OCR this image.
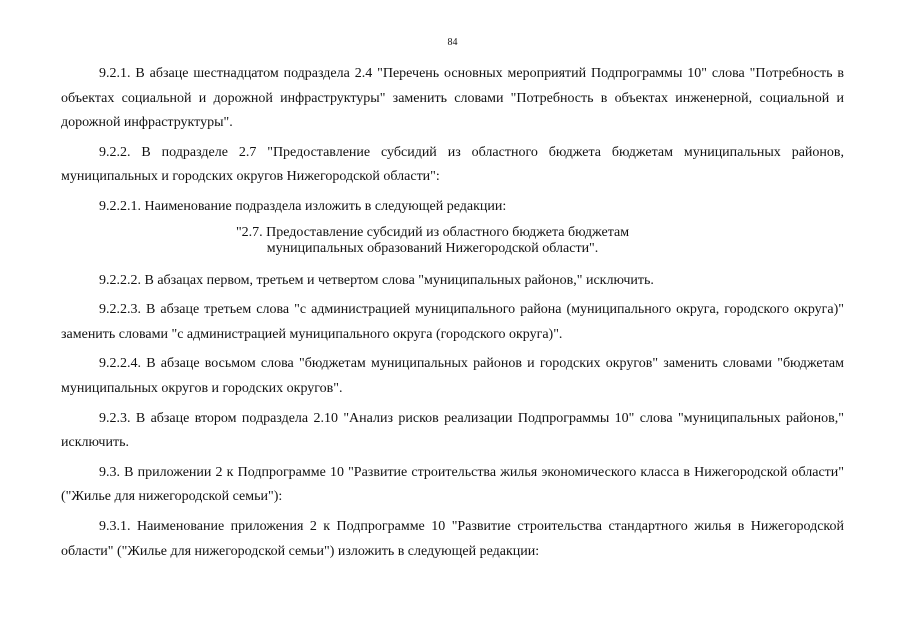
84

9.2.1. В абзаце шестнадцатом подраздела 2.4 "Перечень основных мероприятий Подпрограммы 10" слова "Потребность в объектах социальной и дорожной инфраструктуры" заменить словами "Потребность в объектах инженерной, социальной и дорожной инфраструктуры".

9.2.2. В подразделе 2.7 "Предоставление субсидий из областного бюджета бюджетам муниципальных районов, муниципальных и городских округов Нижегородской области":

9.2.2.1. Наименование подраздела изложить в следующей редакции:

"2.7. Предоставление субсидий из областного бюджета бюджетам
муниципальных образований Нижегородской области".

9.2.2.2. В абзацах первом, третьем и четвертом слова "муниципальных районов," исключить.

9.2.2.3. В абзаце третьем слова "с администрацией муниципального района (муниципального округа, городского округа)" заменить словами "с администрацией муниципального округа (городского округа)".

9.2.2.4. В абзаце восьмом слова "бюджетам муниципальных районов и городских округов" заменить словами "бюджетам муниципальных округов и городских округов".

9.2.3. В абзаце втором подраздела 2.10 "Анализ рисков реализации Подпрограммы 10" слова "муниципальных районов," исключить.

9.3. В приложении 2 к Подпрограмме 10 "Развитие строительства жилья экономического класса в Нижегородской области" ("Жилье для нижегородской семьи"):

9.3.1. Наименование приложения 2 к Подпрограмме 10 "Развитие строительства стандартного жилья в Нижегородской области" ("Жилье для нижегородской семьи") изложить в следующей редакции:
